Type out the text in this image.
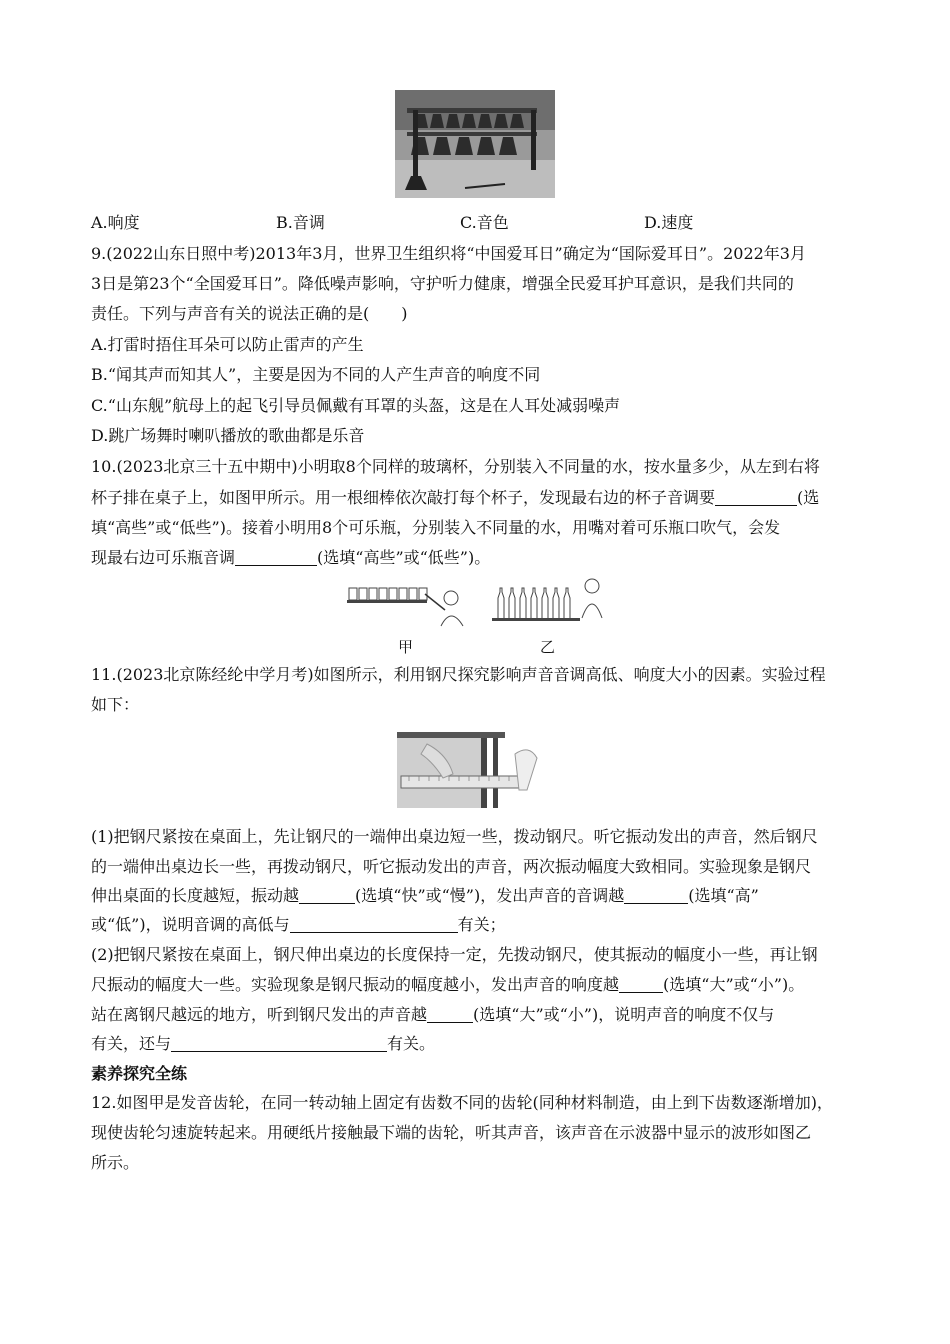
A.响度	B.音调	C.音色	D.速度
9.(2022山东日照中考)2013年3月，世界卫生组织将“中国爱耳日”确定为“国际爱耳日”。2022年3月
3日是第23个“全国爱耳日”。降低噪声影响，守护听力健康，增强全民爱耳护耳意识，是我们共同的
责任。下列与声音有关的说法正确的是(　　)
A.打雷时捂住耳朵可以防止雷声的产生
B.“闻其声而知其人”，主要是因为不同的人产生声音的响度不同
C.“山东舰”航母上的起飞引导员佩戴有耳罩的头盔，这是在人耳处减弱噪声
D.跳广场舞时喇叭播放的歌曲都是乐音
10.(2023北京三十五中期中)小明取8个同样的玻璃杯，分别装入不同量的水，按水量多少，从左到右将
杯子排在桌子上，如图甲所示。用一根细棒依次敲打每个杯子，发现最右边的杯子音调要	(选
填“高些”或“低些”)。接着小明用8个可乐瓶，分别装入不同量的水，用嘴对着可乐瓶口吹气，会发
现最右边可乐瓶音调	(选填“高些”或“低些”)。
甲	乙
11.(2023北京陈经纶中学月考)如图所示，利用钢尺探究影响声音音调高低、响度大小的因素。实验过程
如下：
(1)把钢尺紧按在桌面上，先让钢尺的一端伸出桌边短一些，拨动钢尺。听它振动发出的声音，然后钢尺
的一端伸出桌边长一些，再拨动钢尺，听它振动发出的声音，两次振动幅度大致相同。实验现象是钢尺
伸出桌面的长度越短，振动越	(选填“快”或“慢”)，发出声音的音调越	(选填“高”
或“低”)，说明音调的高低与	有关；
(2)把钢尺紧按在桌面上，钢尺伸出桌边的长度保持一定，先拨动钢尺，使其振动的幅度小一些，再让钢
尺振动的幅度大一些。实验现象是钢尺振动的幅度越小，发出声音的响度越	(选填“大”或“小”)。
站在离钢尺越远的地方，听到钢尺发出的声音越	(选填“大”或“小”)，说明声音的响度不仅与
有关，还与	有关。
素养探究全练
12.如图甲是发音齿轮，在同一转动轴上固定有齿数不同的齿轮(同种材料制造，由上到下齿数逐渐增加)，
现使齿轮匀速旋转起来。用硬纸片接触最下端的齿轮，听其声音，该声音在示波器中显示的波形如图乙
所示。
